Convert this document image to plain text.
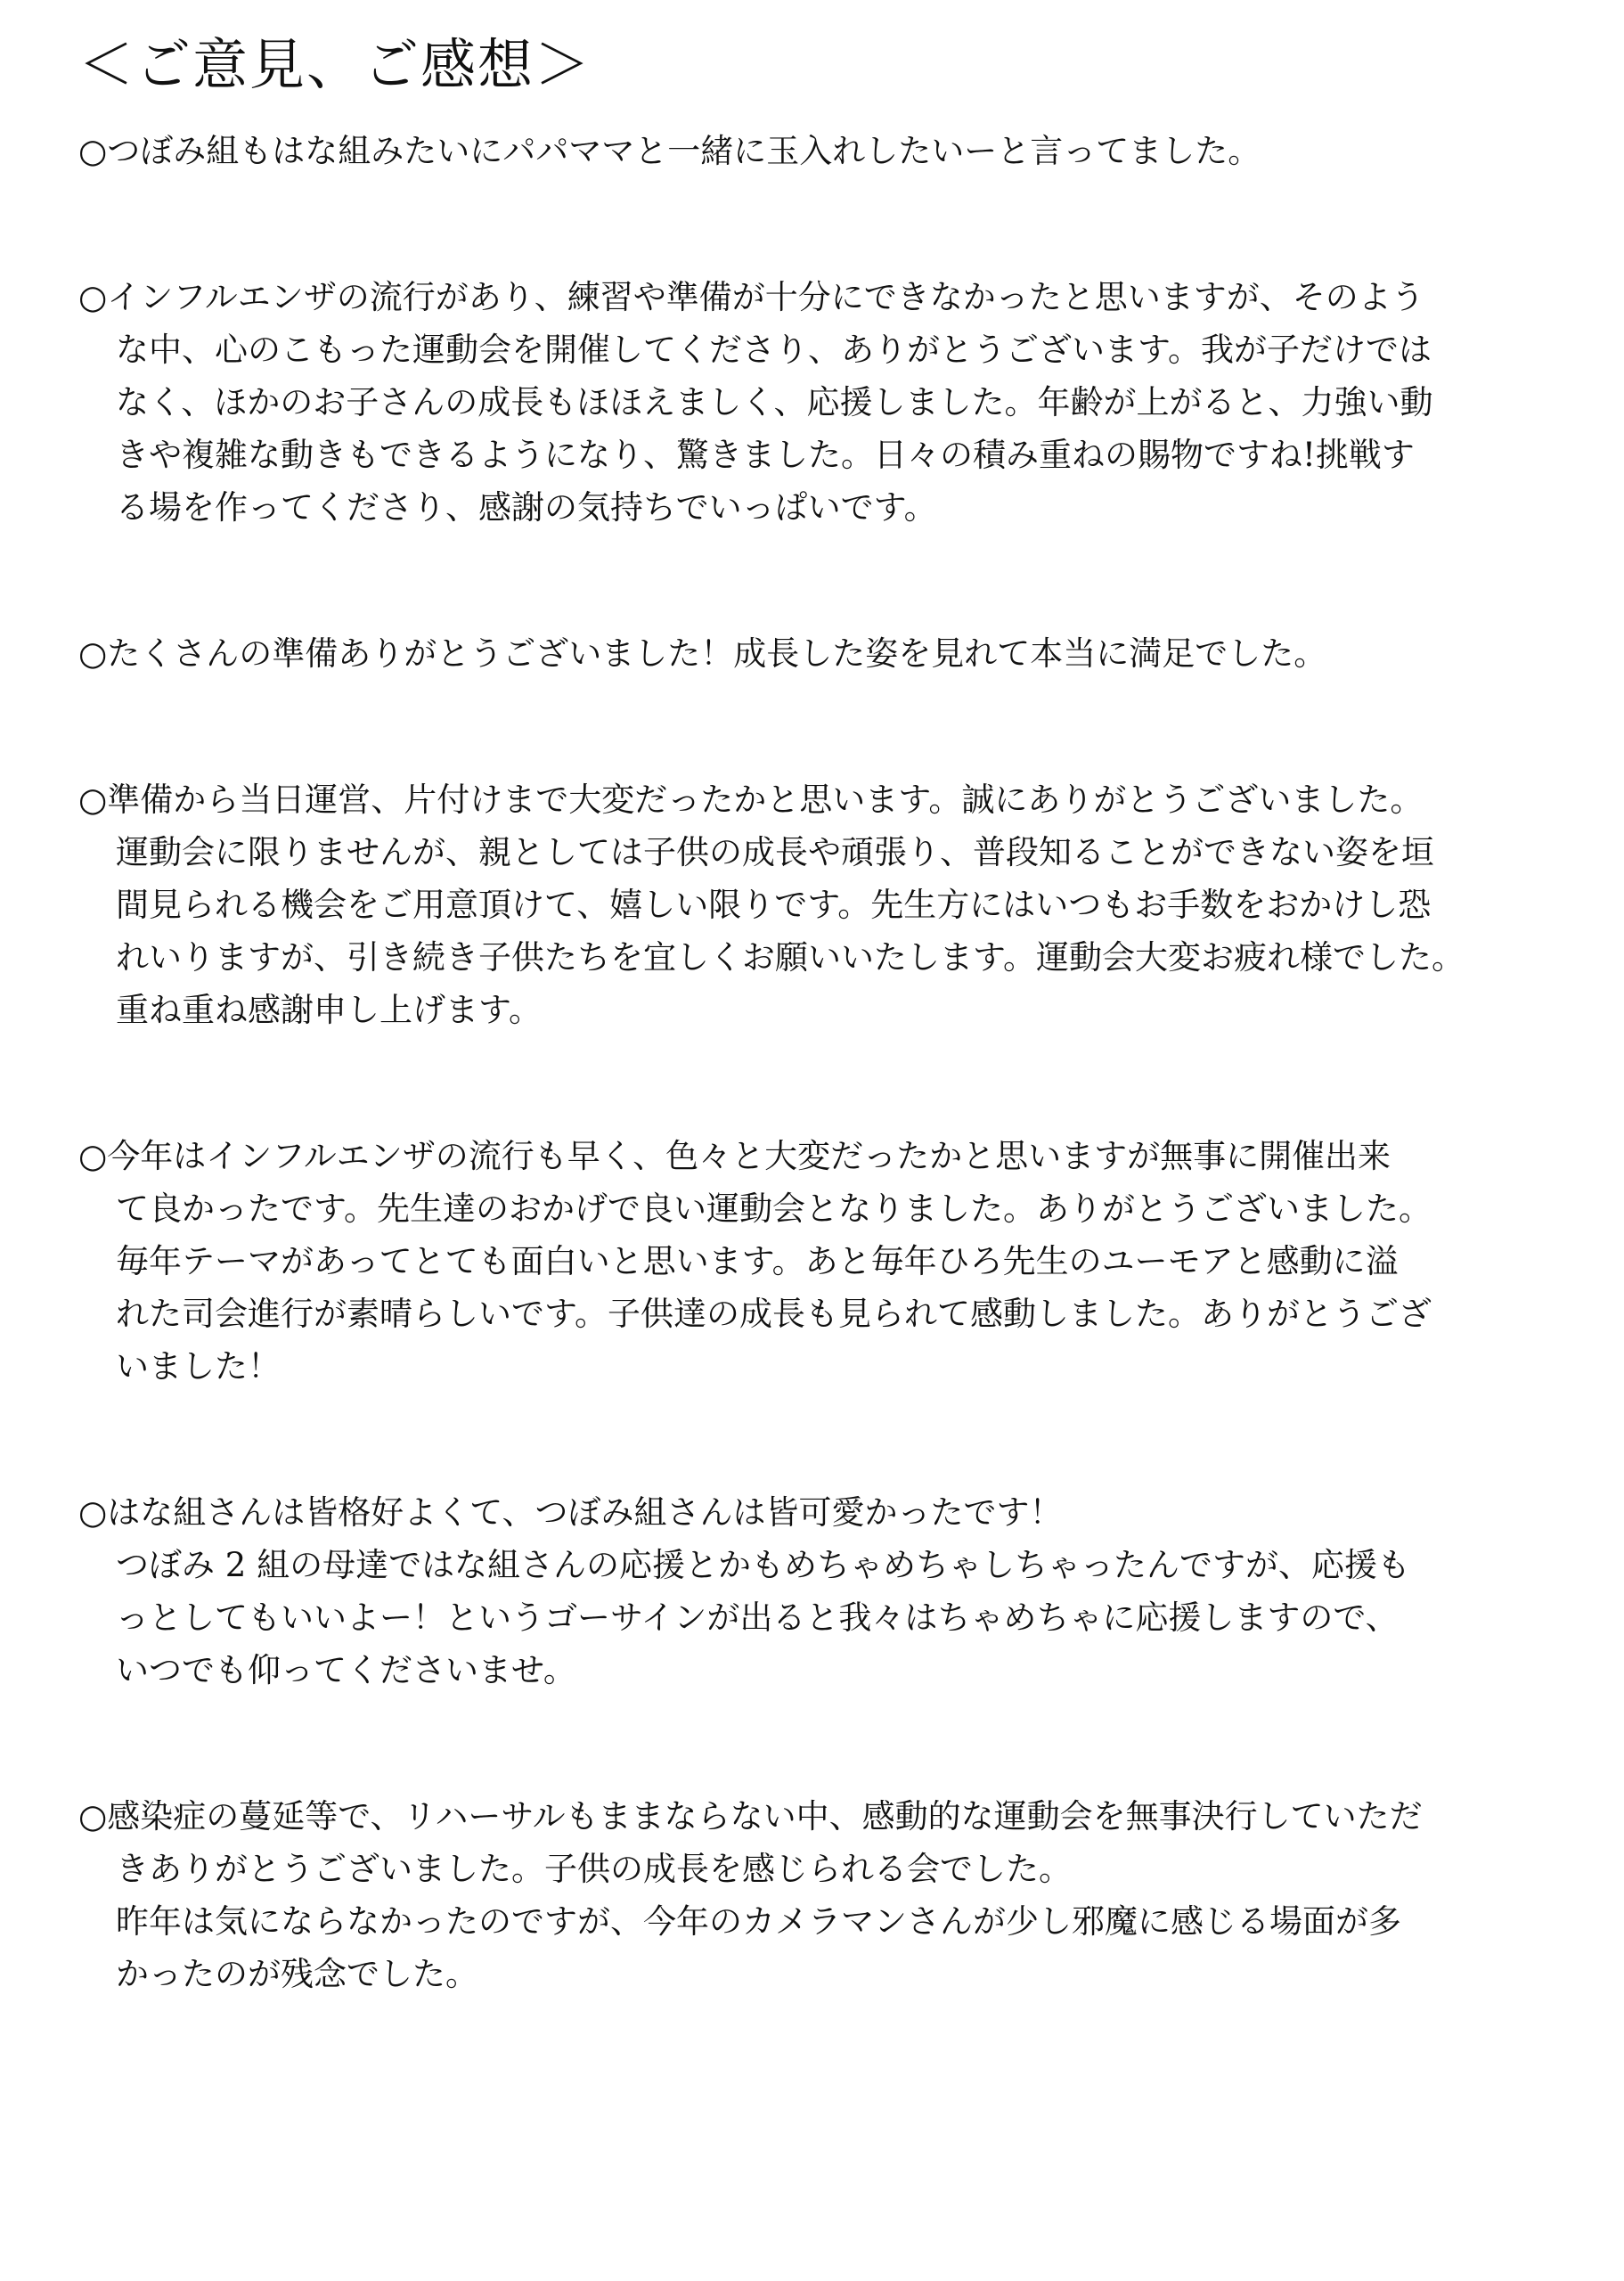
＜ご意見、ご感想＞
○つぼみ組もはな組みたいにパパママと一緒に玉入れしたいーと言ってました。
○インフルエンザの流行があり、練習や準備が十分にできなかったと思いますが、そのよう
な中、心のこもった運動会を開催してくださり、ありがとうございます。我が子だけでは
なく、ほかのお子さんの成長もほほえましく、応援しました。年齢が上がると、力強い動
きや複雑な動きもできるようになり、驚きました。日々の積み重ねの賜物ですね!挑戦す
る場を作ってくださり、感謝の気持ちでいっぱいです。
○たくさんの準備ありがとうございました！成長した姿を見れて本当に満足でした。
○準備から当日運営、片付けまで大変だったかと思います。誠にありがとうございました。
運動会に限りませんが、親としては子供の成長や頑張り、普段知ることができない姿を垣
間見られる機会をご用意頂けて、嬉しい限りです。先生方にはいつもお手数をおかけし恐
れいりますが、引き続き子供たちを宜しくお願いいたします。運動会大変お疲れ様でした。
重ね重ね感謝申し上げます。
○今年はインフルエンザの流行も早く、色々と大変だったかと思いますが無事に開催出来
て良かったです。先生達のおかげで良い運動会となりました。ありがとうございました。
毎年テーマがあってとても面白いと思います。あと毎年ひろ先生のユーモアと感動に溢
れた司会進行が素晴らしいです。子供達の成長も見られて感動しました。ありがとうござ
いました！
○はな組さんは皆格好よくて、つぼみ組さんは皆可愛かったです！
つぼみ 2 組の母達ではな組さんの応援とかもめちゃめちゃしちゃったんですが、応援も
っとしてもいいよー！というゴーサインが出ると我々はちゃめちゃに応援しますので、
いつでも仰ってくださいませ。
○感染症の蔓延等で、リハーサルもままならない中、感動的な運動会を無事決行していただ
きありがとうございました。子供の成長を感じられる会でした。
昨年は気にならなかったのですが、今年のカメラマンさんが少し邪魔に感じる場面が多
かったのが残念でした。
